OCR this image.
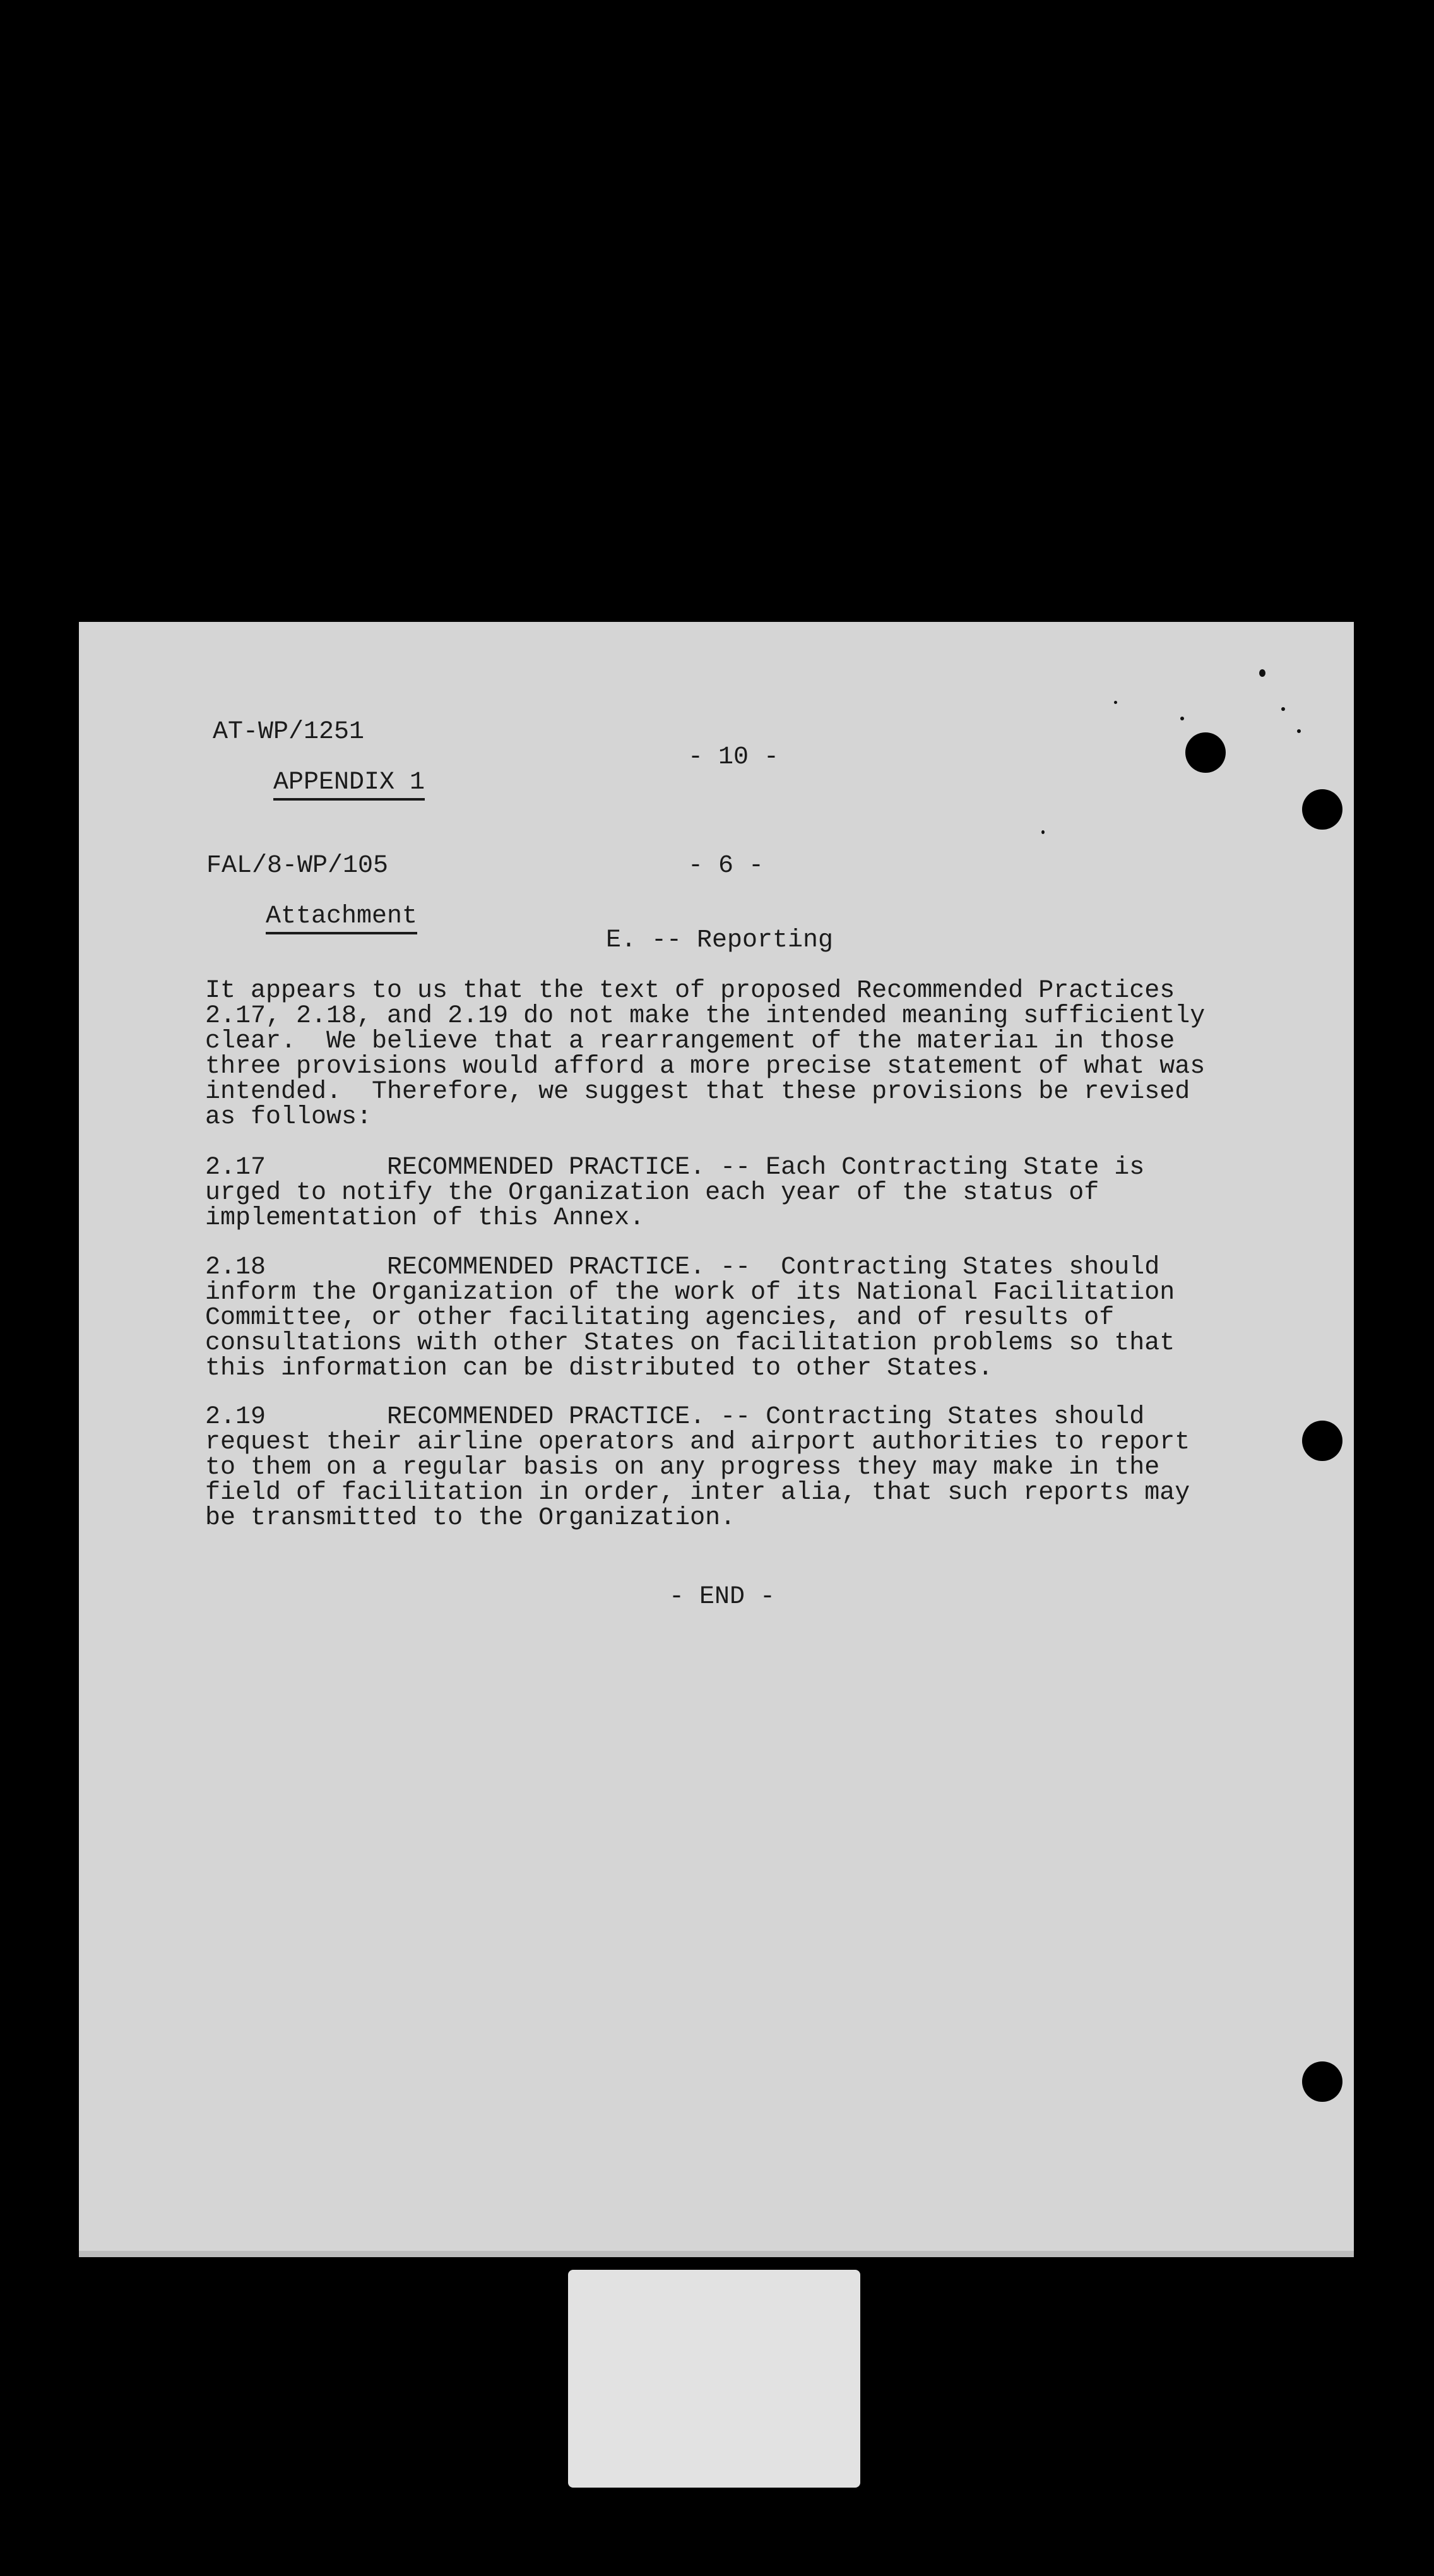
AT-WP/1251

APPENDIX 1

- 10 -
FAL/8-WP/105

Attachment

- 6 -
E. -- Reporting
It appears to us that the text of proposed Recommended Practices
2.17, 2.18, and 2.19 do not make the intended meaning sufficiently
clear.  We believe that a rearrangement of the materiaı in those
three provisions would afford a more precise statement of what was
intended.  Therefore, we suggest that these provisions be revised
as follows:
2.17        RECOMMENDED PRACTICE. -- Each Contracting State is
urged to notify the Organization each year of the status of
implementation of this Annex.
2.18        RECOMMENDED PRACTICE. --  Contracting States should
inform the Organization of the work of its National Facilitation
Committee, or other facilitating agencies, and of results of
consultations with other States on facilitation problems so that
this information can be distributed to other States.
2.19        RECOMMENDED PRACTICE. -- Contracting States should
request their airline operators and airport authorities to report
to them on a regular basis on any progress they may make in the
field of facilitation in order, inter alia, that such reports may
be transmitted to the Organization.
- END -
